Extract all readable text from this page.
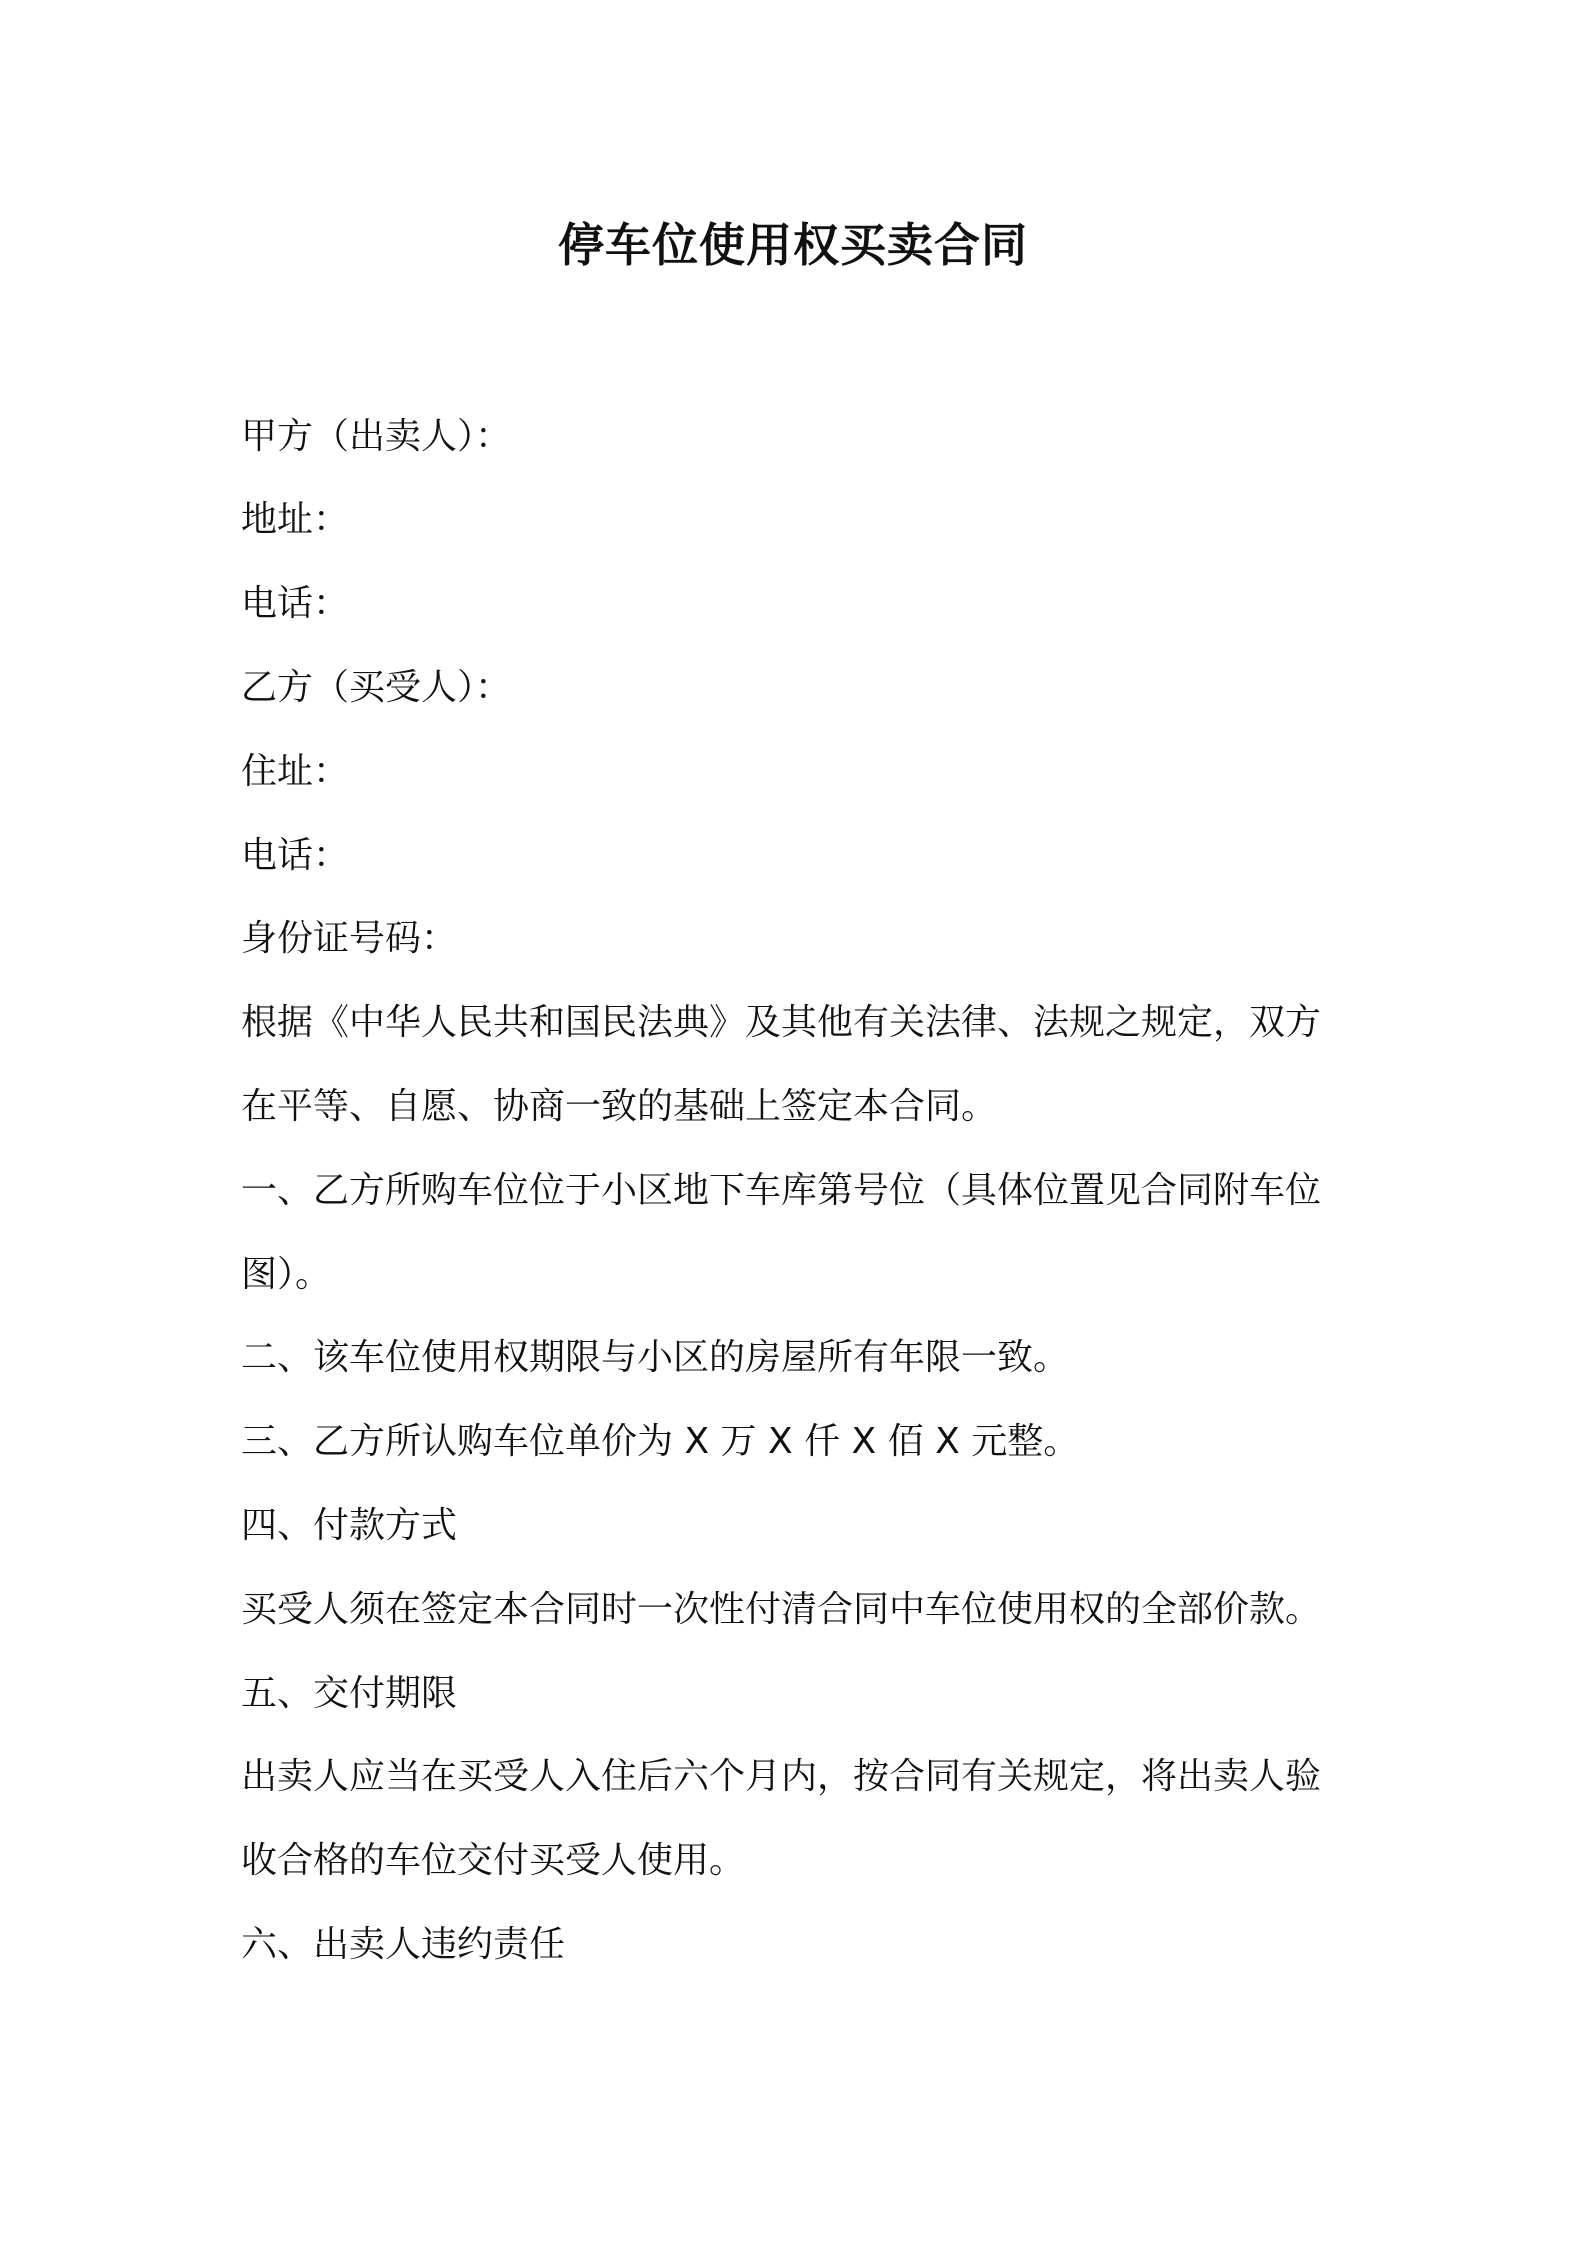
停车位使用权买卖合同

甲方（出卖人）：

地址：

电话：

乙方（买受人）：

住址：

电话：

身份证号码：

根据《中华人民共和国民法典》及其他有关法律、法规之规定，双方

在平等、自愿、协商一致的基础上签定本合同。

一、乙方所购车位位于小区地下车库第号位（具体位置见合同附车位

图）。

二、该车位使用权期限与小区的房屋所有年限一致。

三、乙方所认购车位单价为 X 万 X 仟 X 佰 X 元整。

四、付款方式

买受人须在签定本合同时一次性付清合同中车位使用权的全部价款。

五、交付期限

出卖人应当在买受人入住后六个月内，按合同有关规定，将出卖人验

收合格的车位交付买受人使用。

六、出卖人违约责任
